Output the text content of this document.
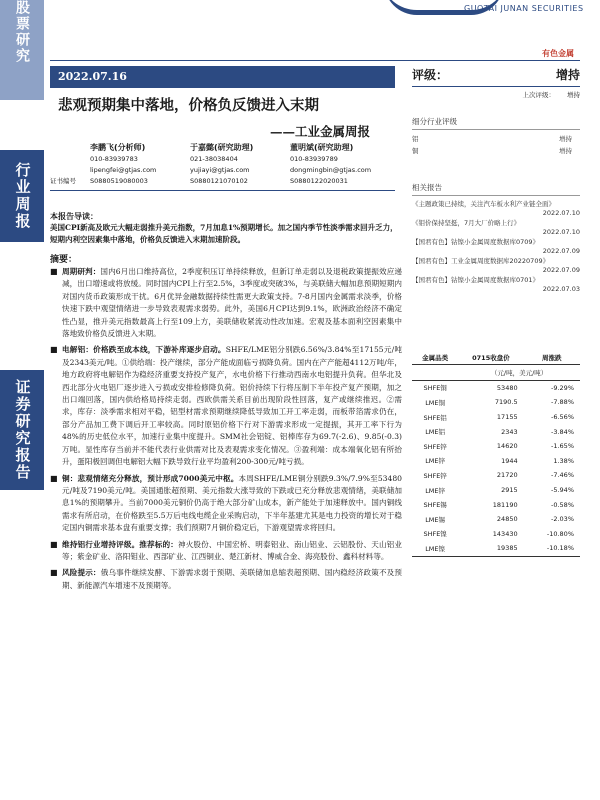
股票研究
行业周报
证券研究报告
GUOTAI JUNAN SECURITIES
有色金属
2022.07.16
悲观预期集中落地，价格负反馈进入末期
——工业金属周报
李鹏飞(分析师)	于嘉懿(研究助理)	董明斌(研究助理)
010-83939783	021-38038404	010-83939789
lipengfei@gtjas.com	yujiayi@gtjas.com	dongmingbin@gtjas.com
证书编号	S0880519080003	S0880121070102	S0880122020031
本报告导读：
美国CPI新高及欧元大幅走弱推升美元指数，7月加息1%预期增长。加之国内季节性淡季需求回升乏力，短期内利空因素集中落地，价格负反馈进入末期加速阶段。
摘要：
■ 周期研判：国内6月出口维持高位，2季度积压订单持续释放，但新订单走弱以及退税政策提振效应递减，出口增速或将放缓。同时国内CPI上行至2.5%，3季度或突破3%，与美联储大幅加息预期短期内对国内货币政策形成干扰。6月优异金融数据持续性需更大政策支持。7-8月国内金属需求淡季，价格快速下跌中观望情绪进一步导致表观需求弱势。此外，美国6月CPI达到9.1%，欧洲政治经济不确定性凸显，推升美元指数最高上行至109上方，美联储收紧流动性改加速。宏观及基本面利空因素集中落地致价格负反馈进入末期。
■ 电解铝：价格跌至成本线，下游补库逐步启动。SHFE/LME铝分别跌6.56%/3.84%至17155元/吨及2343美元/吨。①供给端：投产继续，部分产能成面临亏损降负荷。国内在产产能超4112万吨/年，地方政府将电解铝作为稳经济重要支持投产复产，水电价格下行推动西南水电铝提升负荷。但华北及西北部分火电铝厂逐步进入亏损或安排检修降负荷。铝价持续下行将压制下半年投产复产预期，加之出口端回落，国内供给格局持续走弱。西欧供需关系目前出现阶段性回落，复产或继续推迟。②需求，库存：淡季需求相对平稳，铝型材需求预期继续降低导致加工开工率走弱，而板带箔需求仍在，部分产品加工费下调后开工率较高。同时原铝价格下行对下游需求形成一定提振，其开工率下行为48%的历史低位水平，加速行业集中度提升。SMM社会铝锭、铝棒库存为69.7(-2.6)、9.85(-0.3)万吨。显性库存当前并不能代表行业供需对比及表观需求变化情况。③盈利端：成本端氧化铝有所抬升，蛋阳极回调但电解铝大幅下跌导致行业平均盈利200-300元/吨亏损。
■ 铜：悲观情绪充分释放，预计形成7000美元中枢。本周SHFE/LME铜分别跌9.3%/7.9%至53480元/吨及7190美元/吨。美国通胀超预期、美元指数大涨导致的下跌或已充分释放悲观情绪，美联储加息1%的预期攀升。当前7000美元铜价仍高于绝大部分矿山成本，新产能处于加速释放中。国内铜线需求有所启动，在价格跌至5.5万后电线电缆企业采购启动，下半年基建尤其是电力投资的增长对于稳定国内铜需求基本盘有重要支撑；我们预期7月铜价稳定后，下游观望需求将回归。
■ 维持铝行业增持评级。推荐标的：神火股份、中国宏桥、明泰铝业、南山铝业、云铝股份、天山铝业等；紫金矿业、洛阳钼业、西部矿业、江西铜业、楚江新材、博威合金、海亮股份、鑫科材料等。
■ 风险提示：俄乌事件继续发酵、下游需求弱于预期、美联储加息缩表超预期、国内稳经济政策不及预期、新能源汽车增速不及预期等。
评级：	增持
上次评级： 增持
细分行业评级
铝	增持
铜	增持
相关报告
《主题政策已持续，关注汽车板水利产业链全面》
2022.07.10
《钼价保持坚挺，7月大厂价略上行》
2022.07.10
【国君有色】钴镍小金属周度数据库0709》
2022.07.09
【国君有色】工业金属周度数据库20220709》
2022.07.09
【国君有色】钴镍小金属周度数据库0701》
2022.07.03
金属品类	0715收盘价	周涨跌
	（元/吨，美元/吨）	
SHFE铜	53480	-9.29%
LME铜	7190.5	-7.88%
SHFE铝	17155	-6.56%
LME铝	2343	-3.84%
SHFE锌	14620	-1.65%
LME锌	1944	1.38%
SHFE锌	21720	-7.46%
LME锌	2915	-5.94%
SHFE锡	181190	-0.58%
LME锡	24850	-2.03%
SHFE镍	143430	-10.80%
LME镍	19385	-10.18%
